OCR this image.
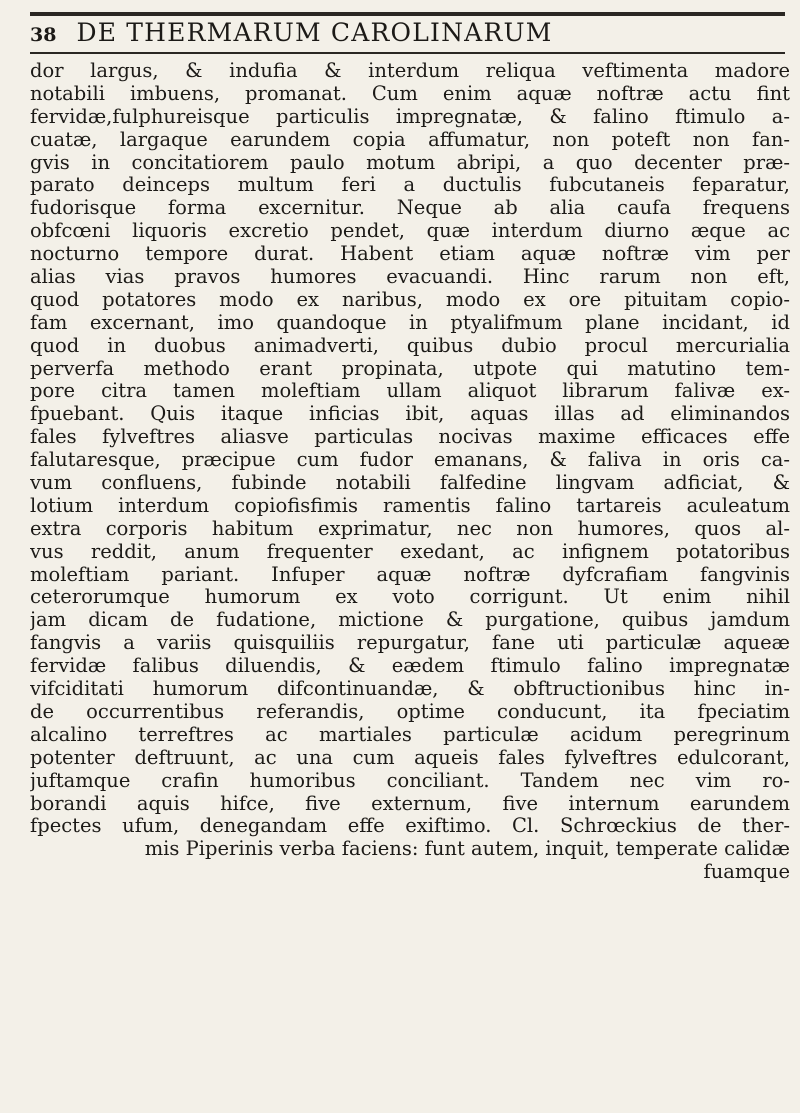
38 DE THERMARUM CAROLINARUM
dor largus, & indufia & interdum reliqua veftimenta madore
notabili imbuens, promanat. Cum enim aquæ noftræ actu fint
fervidæ,fulphureisque particulis impregnatæ, & falino ftimulo a-
cuatæ, largaque earundem copia affumatur, non poteft non fan-
gvis in concitatiorem paulo motum abripi, a quo decenter præ-
parato deinceps multum feri a ductulis fubcutaneis feparatur,
fudorisque forma excernitur. Neque ab alia caufa frequens
obfcœni liquoris excretio pendet, quæ interdum diurno æque ac
nocturno tempore durat. Habent etiam aquæ noftræ vim per
alias vias pravos humores evacuandi. Hinc rarum non eft,
quod potatores modo ex naribus, modo ex ore pituitam copio-
fam excernant, imo quandoque in ptyalifmum plane incidant, id
quod in duobus animadverti, quibus dubio procul mercurialia
perverfa methodo erant propinata, utpote qui matutino tem-
pore citra tamen moleftiam ullam aliquot librarum falivæ ex-
fpuebant. Quis itaque inficias ibit, aquas illas ad eliminandos
fales fylveftres aliasve particulas nocivas maxime efficaces effe
falutaresque, præcipue cum fudor emanans, & faliva in oris ca-
vum confluens, fubinde notabili falfedine lingvam adficiat, &
lotium interdum copiofisfimis ramentis falino tartareis aculeatum
extra corporis habitum exprimatur, nec non humores, quos al-
vus reddit, anum frequenter exedant, ac infignem potatoribus
moleftiam pariant. Infuper aquæ noftræ dyfcrafiam fangvinis
ceterorumque humorum ex voto corrigunt. Ut enim nihil
jam dicam de fudatione, mictione & purgatione, quibus jamdum
fangvis a variis quisquiliis repurgatur, fane uti particulæ aqueæ
fervidæ falibus diluendis, & eædem ftimulo falino impregnatæ
vifciditati humorum difcontinuandæ, & obftructionibus hinc in-
de occurrentibus referandis, optime conducunt, ita fpeciatim
alcalino terreftres ac martiales particulæ acidum peregrinum
potenter deftruunt, ac una cum aqueis fales fylveftres edulcorant,
juftamque crafin humoribus conciliant. Tandem nec vim ro-
borandi aquis hifce, five externum, five internum earundem
fpectes ufum, denegandam effe exiftimo. Cl. Schrœckius de ther-
mis Piperinis verba faciens: funt autem, inquit, temperate calidæ
fuamque
